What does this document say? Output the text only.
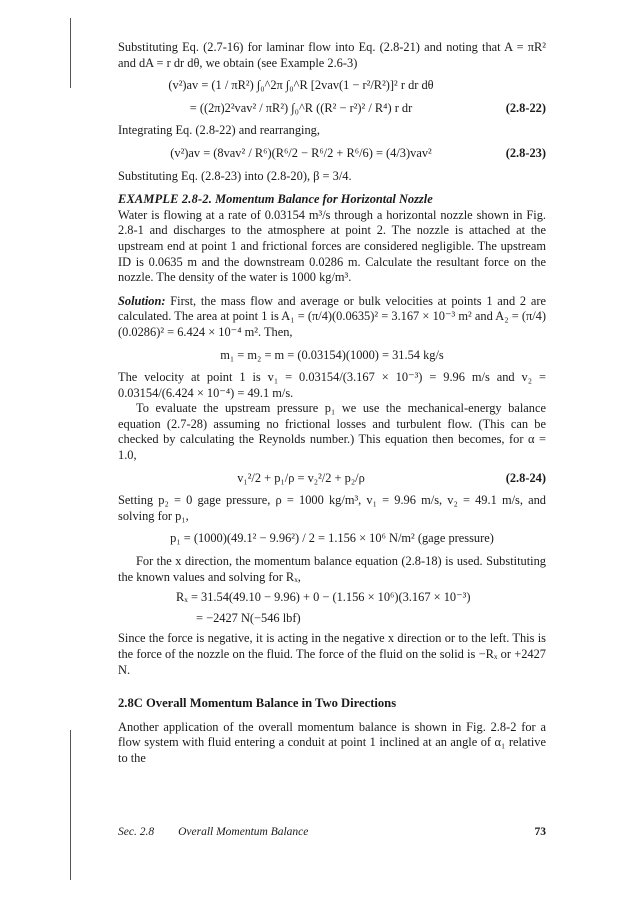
Substituting Eq. (2.7-16) for laminar flow into Eq. (2.8-21) and noting that A = πR² and dA = r dr dθ, we obtain (see Example 2.6-3)

(v²)av = (1 / πR²) ∫₀^2π ∫₀^R [2vav(1 − r²/R²)]² r dr dθ
= ((2π)2²vav² / πR²) ∫₀^R ((R² − r²)² / R⁴) r dr	(2.8-22)

Integrating Eq. (2.8-22) and rearranging,

(v²)av = (8vav² / R⁶)(R⁶/2 − R⁶/2 + R⁶/6) = (4/3)vav²	(2.8-23)

Substituting Eq. (2.8-23) into (2.8-20), β = 3/4.

EXAMPLE 2.8-2. Momentum Balance for Horizontal Nozzle

Water is flowing at a rate of 0.03154 m³/s through a horizontal nozzle shown in Fig. 2.8-1 and discharges to the atmosphere at point 2. The nozzle is attached at the upstream end at point 1 and frictional forces are considered negligible. The upstream ID is 0.0635 m and the downstream 0.0286 m. Calculate the resultant force on the nozzle. The density of the water is 1000 kg/m³.

Solution: First, the mass flow and average or bulk velocities at points 1 and 2 are calculated. The area at point 1 is A₁ = (π/4)(0.0635)² = 3.167 × 10⁻³ m² and A₂ = (π/4)(0.0286)² = 6.424 × 10⁻⁴ m². Then,

m₁ = m₂ = m = (0.03154)(1000) = 31.54 kg/s

The velocity at point 1 is v₁ = 0.03154/(3.167 × 10⁻³) = 9.96 m/s and v₂ = 0.03154/(6.424 × 10⁻⁴) = 49.1 m/s.

To evaluate the upstream pressure p₁ we use the mechanical-energy balance equation (2.7-28) assuming no frictional losses and turbulent flow. (This can be checked by calculating the Reynolds number.) This equation then becomes, for α = 1.0,

v₁²/2 + p₁/ρ = v₂²/2 + p₂/ρ	(2.8-24)

Setting p₂ = 0 gage pressure, ρ = 1000 kg/m³, v₁ = 9.96 m/s, v₂ = 49.1 m/s, and solving for p₁,

p₁ = (1000)(49.1² − 9.96²) / 2 = 1.156 × 10⁶ N/m² (gage pressure)

For the x direction, the momentum balance equation (2.8-18) is used. Substituting the known values and solving for Rₓ,

Rₓ = 31.54(49.10 − 9.96) + 0 − (1.156 × 10⁶)(3.167 × 10⁻³)
= −2427 N(−546 lbf)

Since the force is negative, it is acting in the negative x direction or to the left. This is the force of the nozzle on the fluid. The force of the fluid on the solid is −Rₓ or +2427 N.

2.8C Overall Momentum Balance in Two Directions

Another application of the overall momentum balance is shown in Fig. 2.8-2 for a flow system with fluid entering a conduit at point 1 inclined at an angle of α₁ relative to the

Sec. 2.8 Overall Momentum Balance	73
